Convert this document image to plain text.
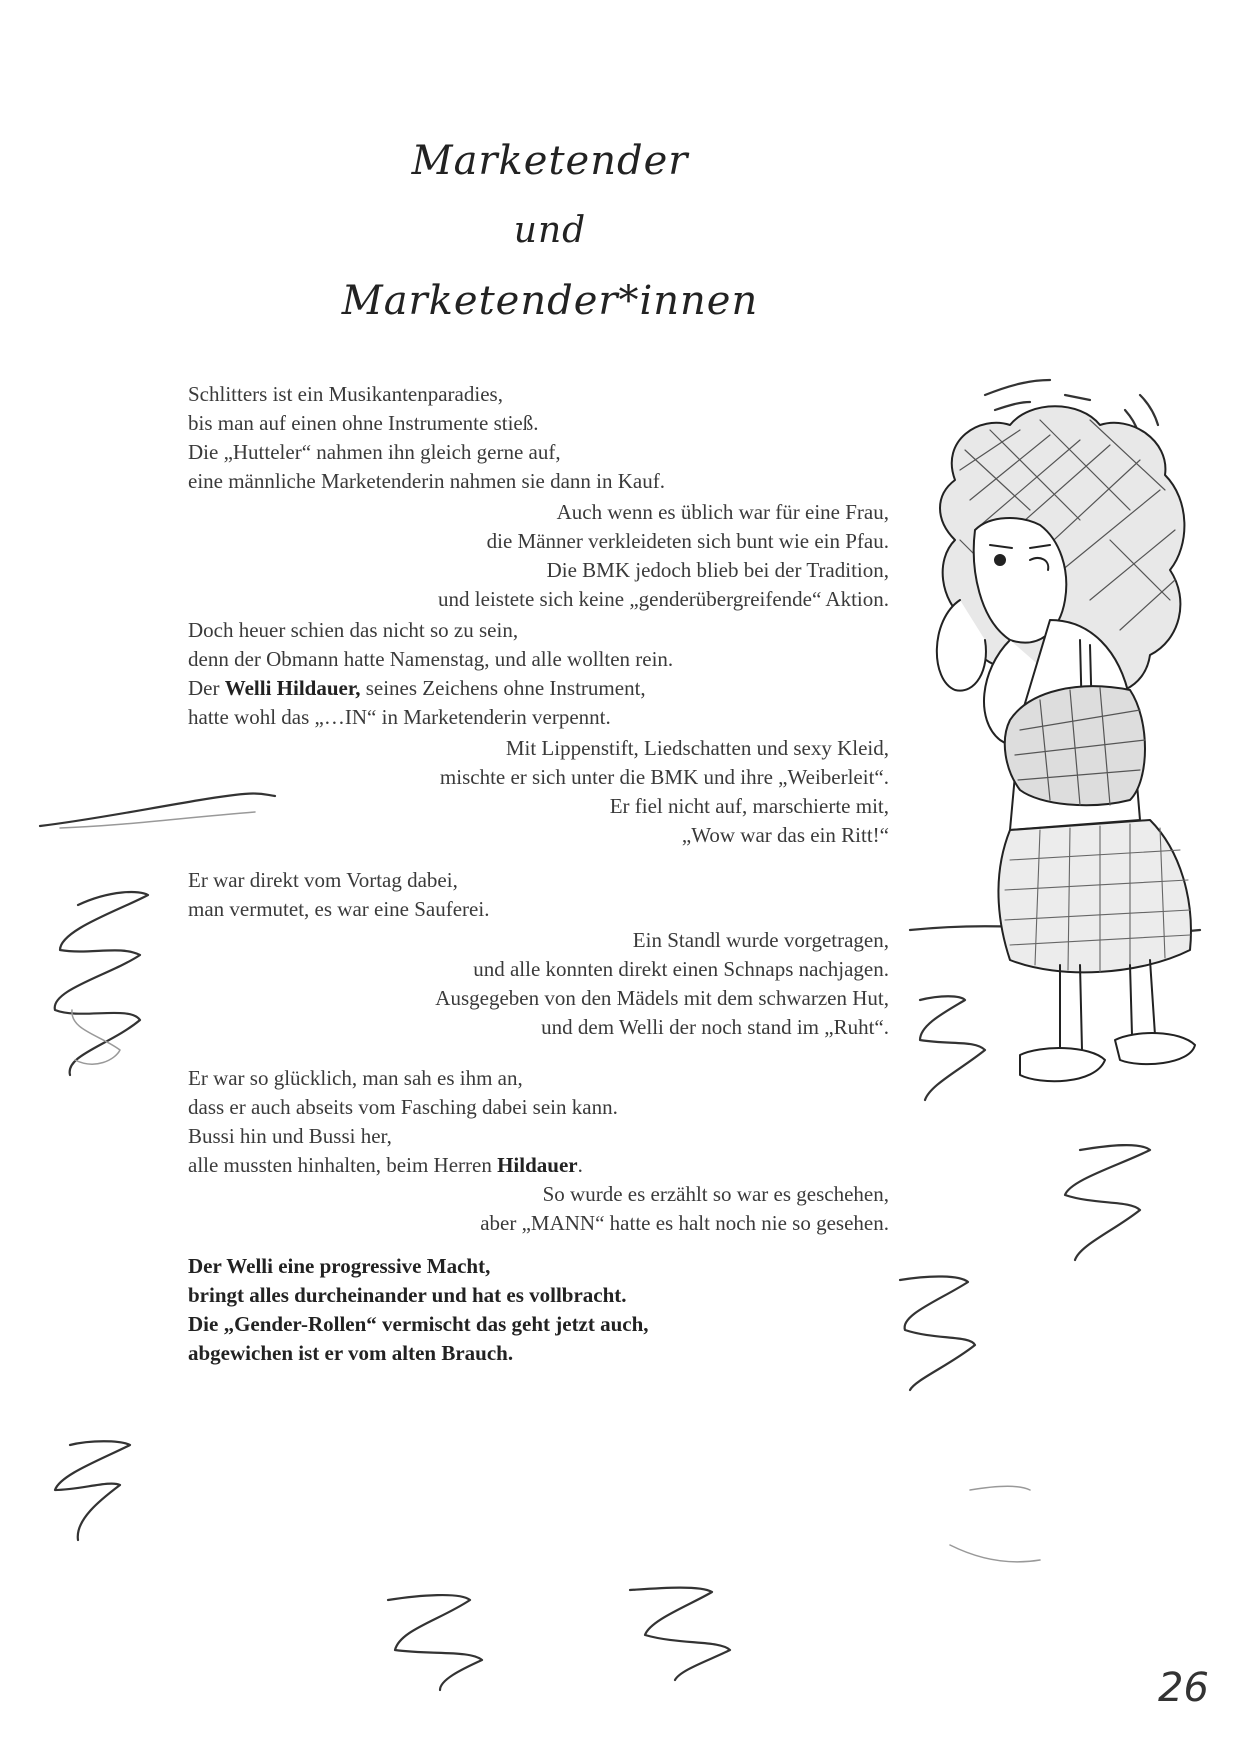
Marketender
und
Marketender*innen
Schlitters ist ein Musikantenparadies,
bis man auf einen ohne Instrumente stieß.
Die „Hutteler“ nahmen ihn gleich gerne auf,
eine männliche Marketenderin nahmen sie dann in Kauf.
Auch wenn es üblich war für eine Frau,
die Männer verkleideten sich bunt wie ein Pfau.
Die BMK jedoch blieb bei der Tradition,
und leistete sich keine „genderübergreifende“ Aktion.
Doch heuer schien das nicht so zu sein,
denn der Obmann hatte Namenstag, und alle wollten rein.
Der Welli Hildauer, seines Zeichens ohne Instrument,
hatte wohl das „…IN“ in Marketenderin verpennt.
Mit Lippenstift, Liedschatten und sexy Kleid,
mischte er sich unter die BMK und ihre „Weiberleit“.
Er fiel nicht auf, marschierte mit,
„Wow war das ein Ritt!“
Er war direkt vom Vortag dabei,
man vermutet, es war eine Sauferei.
Ein Standl wurde vorgetragen,
und alle konnten direkt einen Schnaps nachjagen.
Ausgegeben von den Mädels mit dem schwarzen Hut,
und dem Welli der noch stand im „Ruht“.
Er war so glücklich, man sah es ihm an,
dass er auch abseits vom Fasching dabei sein kann.
Bussi hin und Bussi her,
alle mussten hinhalten, beim Herren Hildauer.
So wurde es erzählt so war es geschehen,
aber „MANN“ hatte es halt noch nie so gesehen.
Der Welli eine progressive Macht,
bringt alles durcheinander und hat es vollbracht.
Die „Gender-Rollen“ vermischt das geht jetzt auch,
abgewichen ist er vom alten Brauch.
26
